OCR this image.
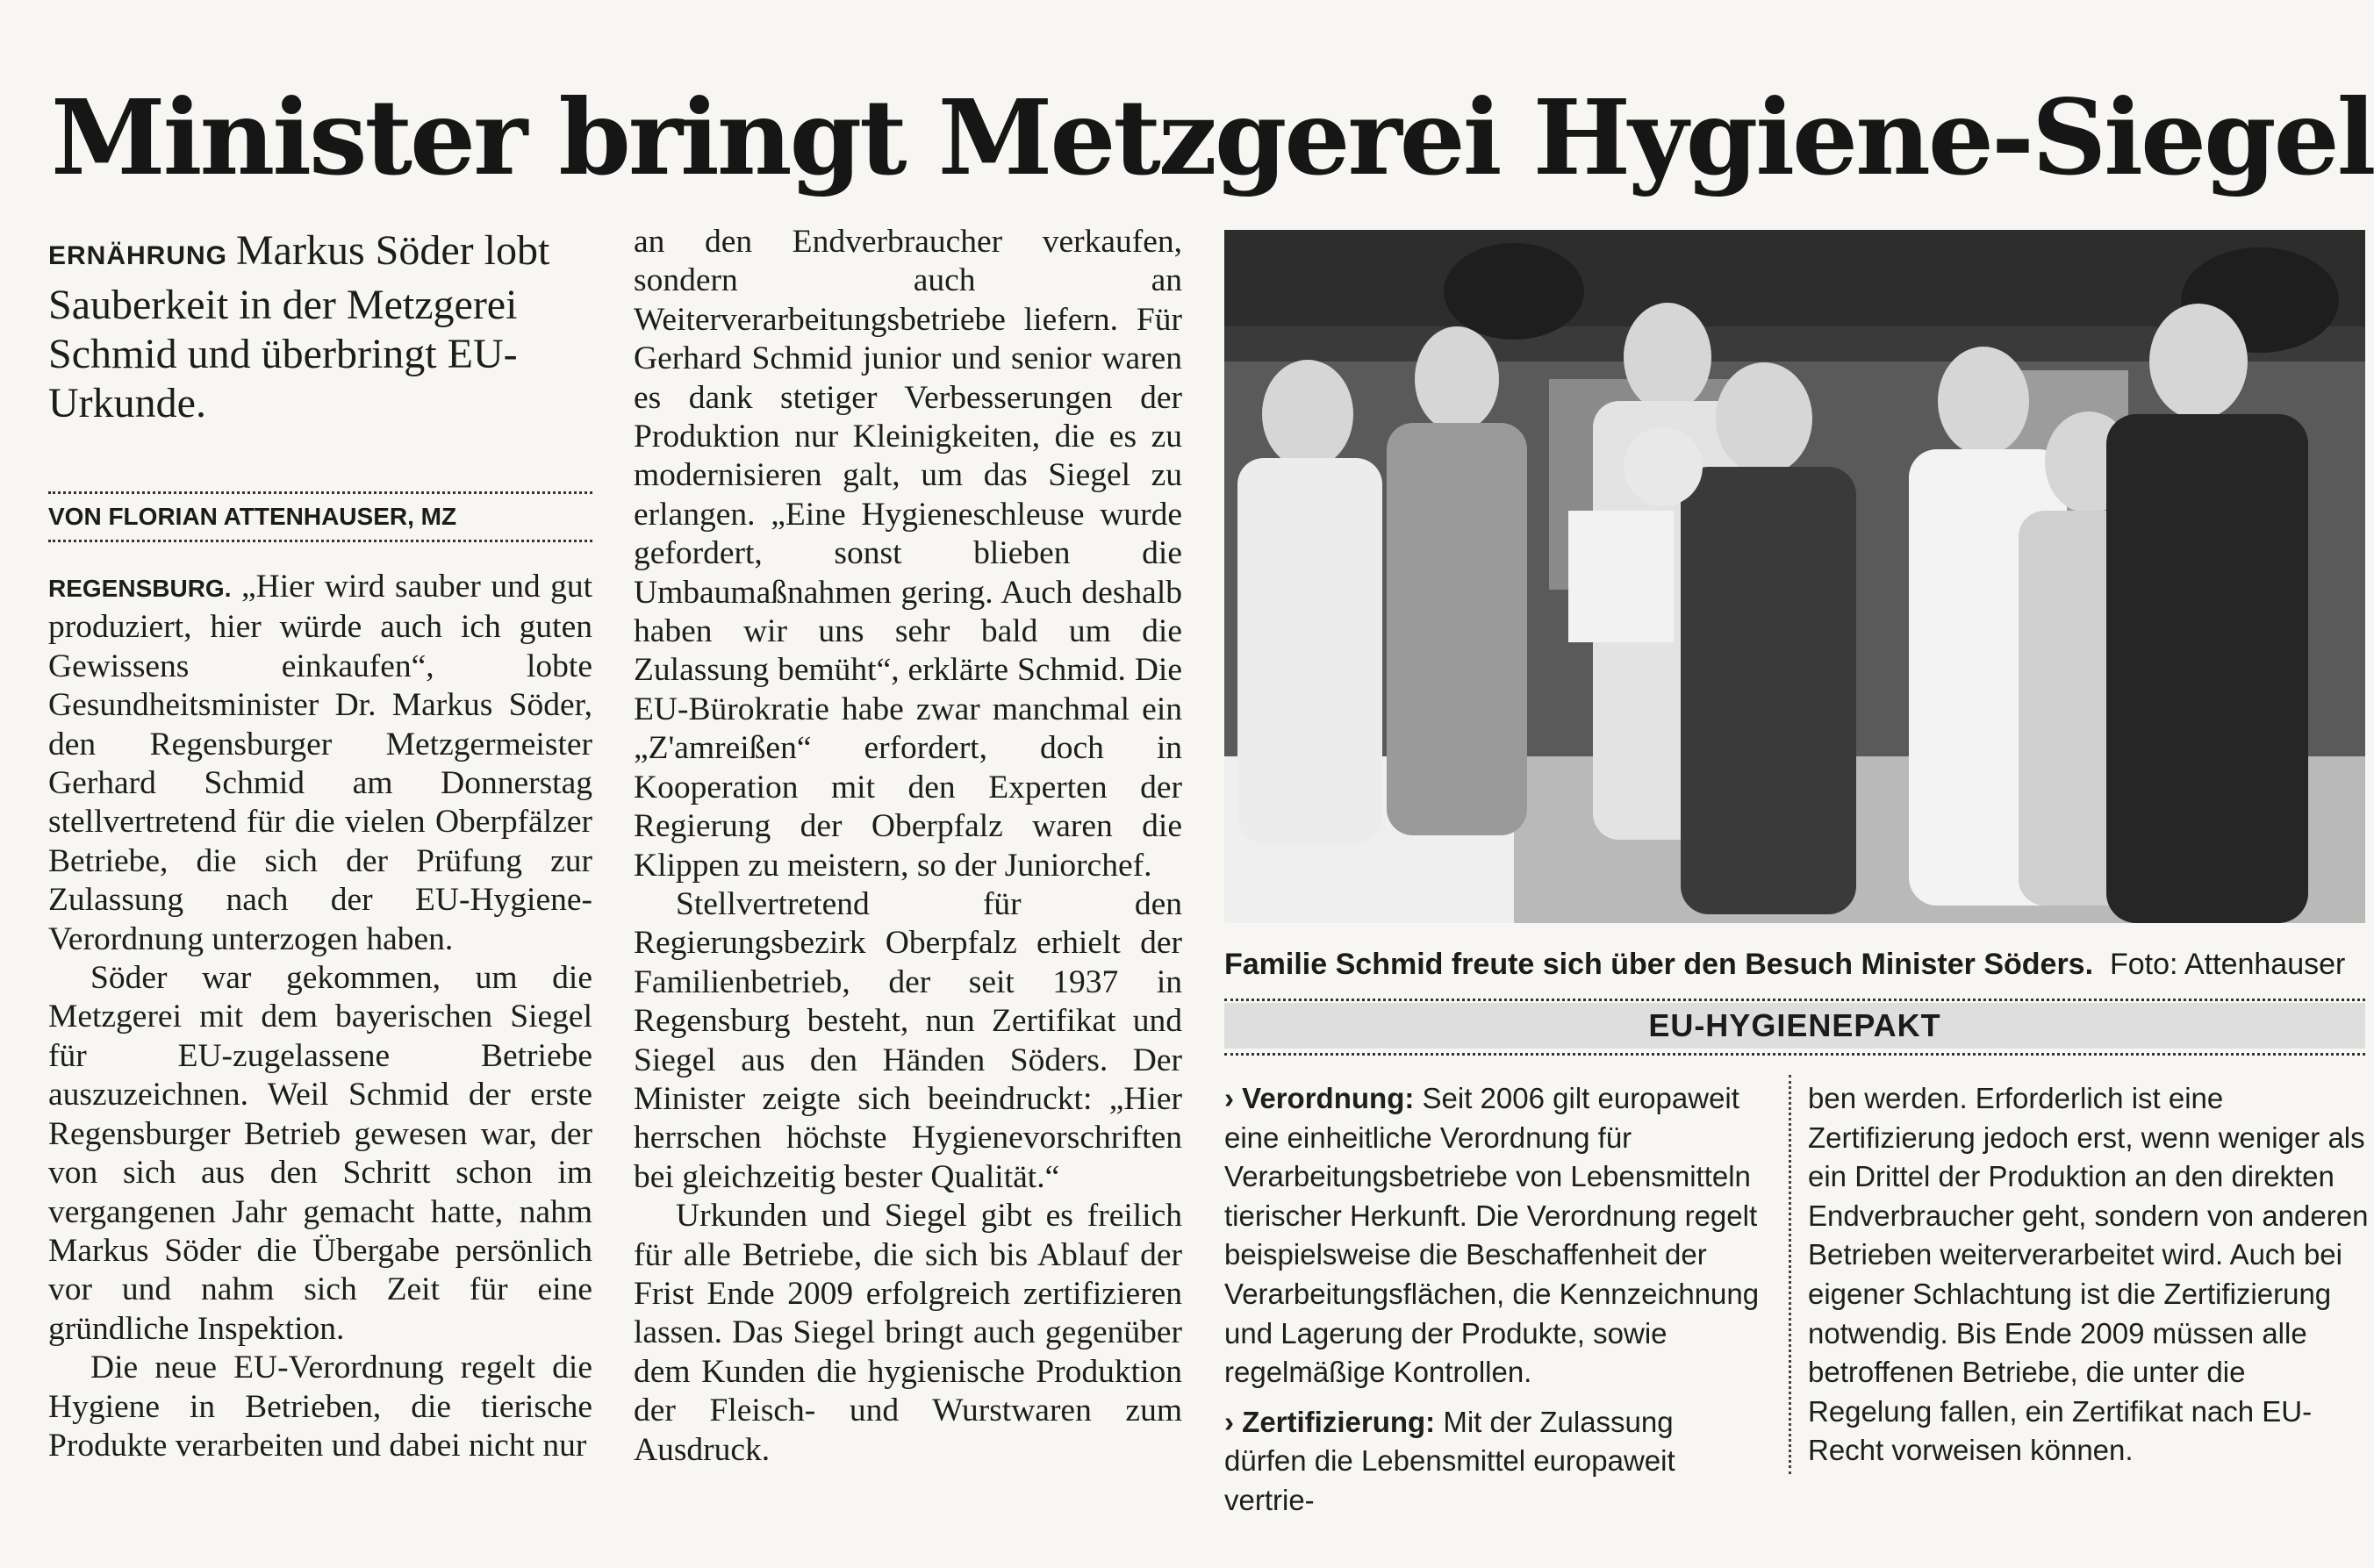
Minister bringt Metzgerei Hygiene-Siegel
ERNÄHRUNG Markus Söder lobt Sauberkeit in der Metzgerei Schmid und überbringt EU-Urkunde.
VON FLORIAN ATTENHAUSER, MZ

REGENSBURG. „Hier wird sauber und gut produziert, hier würde auch ich guten Gewissens einkaufen“, lobte Gesundheitsminister Dr. Markus Söder, den Regensburger Metzgermeister Gerhard Schmid am Donnerstag stellvertretend für die vielen Oberpfälzer Betriebe, die sich der Prüfung zur Zulassung nach der EU-Hygiene-Verordnung unterzogen haben.

Söder war gekommen, um die Metzgerei mit dem bayerischen Siegel für EU-zugelassene Betriebe auszuzeichnen. Weil Schmid der erste Regensburger Betrieb gewesen war, der von sich aus den Schritt schon im vergangenen Jahr gemacht hatte, nahm Markus Söder die Übergabe persönlich vor und nahm sich Zeit für eine gründliche Inspektion.

Die neue EU-Verordnung regelt die Hygiene in Betrieben, die tierische Produkte verarbeiten und dabei nicht nur

an den Endverbraucher verkaufen, sondern auch an Weiterverarbeitungsbetriebe liefern. Für Gerhard Schmid junior und senior waren es dank stetiger Verbesserungen der Produktion nur Kleinigkeiten, die es zu modernisieren galt, um das Siegel zu erlangen. „Eine Hygieneschleuse wurde gefordert, sonst blieben die Umbaumaßnahmen gering. Auch deshalb haben wir uns sehr bald um die Zulassung bemüht“, erklärte Schmid. Die EU-Bürokratie habe zwar manchmal ein „Z'amreißen“ erfordert, doch in Kooperation mit den Experten der Regierung der Oberpfalz waren die Klippen zu meistern, so der Juniorchef.

Stellvertretend für den Regierungsbezirk Oberpfalz erhielt der Familienbetrieb, der seit 1937 in Regensburg besteht, nun Zertifikat und Siegel aus den Händen Söders. Der Minister zeigte sich beeindruckt: „Hier herrschen höchste Hygienevorschriften bei gleichzeitig bester Qualität.“

Urkunden und Siegel gibt es freilich für alle Betriebe, die sich bis Ablauf der Frist Ende 2009 erfolgreich zertifizieren lassen. Das Siegel bringt auch gegenüber dem Kunden die hygienische Produktion der Fleisch- und Wurstwaren zum Ausdruck.

Familie Schmid freute sich über den Besuch Minister Söders. Foto: Attenhauser
EU-HYGIENEPAKT

› Verordnung: Seit 2006 gilt europaweit eine einheitliche Verordnung für Verarbeitungsbetriebe von Lebensmitteln tierischer Herkunft. Die Verordnung regelt beispielsweise die Beschaffenheit der Verarbeitungsflächen, die Kennzeichnung und Lagerung der Produkte, sowie regelmäßige Kontrollen.

› Zertifizierung: Mit der Zulassung dürfen die Lebensmittel europaweit vertrie-

ben werden. Erforderlich ist eine Zertifizierung jedoch erst, wenn weniger als ein Drittel der Produktion an den direkten Endverbraucher geht, sondern von anderen Betrieben weiterverarbeitet wird. Auch bei eigener Schlachtung ist die Zertifizierung notwendig. Bis Ende 2009 müssen alle betroffenen Betriebe, die unter die Regelung fallen, ein Zertifikat nach EU-Recht vorweisen können.
